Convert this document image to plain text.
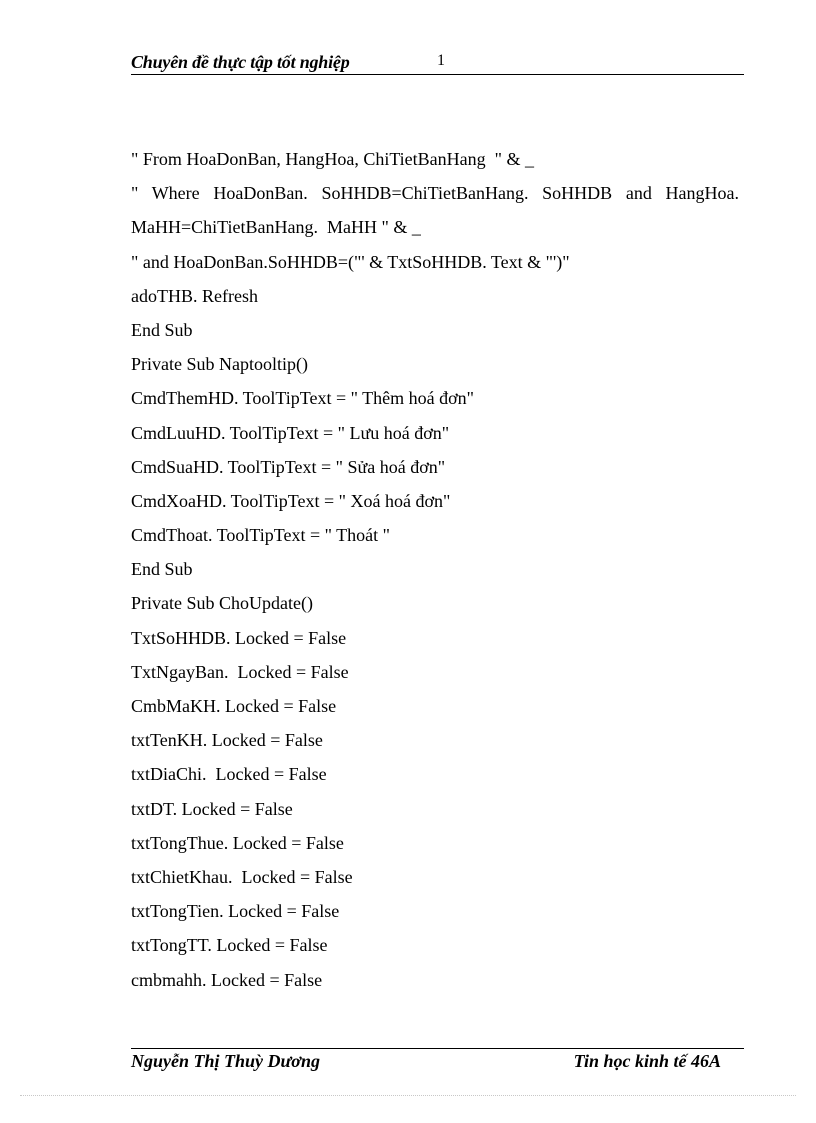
Chuyên đề thực tập tốt nghiệp	1
" From HoaDonBan, HangHoa, ChiTietBanHang  " & _
" Where HoaDonBan. SoHHDB=ChiTietBanHang. SoHHDB and HangHoa.
MaHH=ChiTietBanHang.  MaHH " & _
" and HoaDonBan.SoHHDB=("' & TxtSoHHDB. Text & "')"
adoTHB. Refresh
End Sub
Private Sub Naptooltip()
CmdThemHD. ToolTipText = " Thêm hoá đơn"
CmdLuuHD. ToolTipText = " Lưu hoá đơn"
CmdSuaHD. ToolTipText = " Sửa hoá đơn"
CmdXoaHD. ToolTipText = " Xoá hoá đơn"
CmdThoat. ToolTipText = " Thoát "
End Sub
Private Sub ChoUpdate()
TxtSoHHDB. Locked = False
TxtNgayBan.  Locked = False
CmbMaKH. Locked = False
txtTenKH. Locked = False
txtDiaChi.  Locked = False
txtDT. Locked = False
txtTongThue. Locked = False
txtChietKhau.  Locked = False
txtTongTien. Locked = False
txtTongTT. Locked = False
cmbmahh. Locked = False
Nguyễn Thị Thuỳ Dương	Tin học kinh tế 46A
